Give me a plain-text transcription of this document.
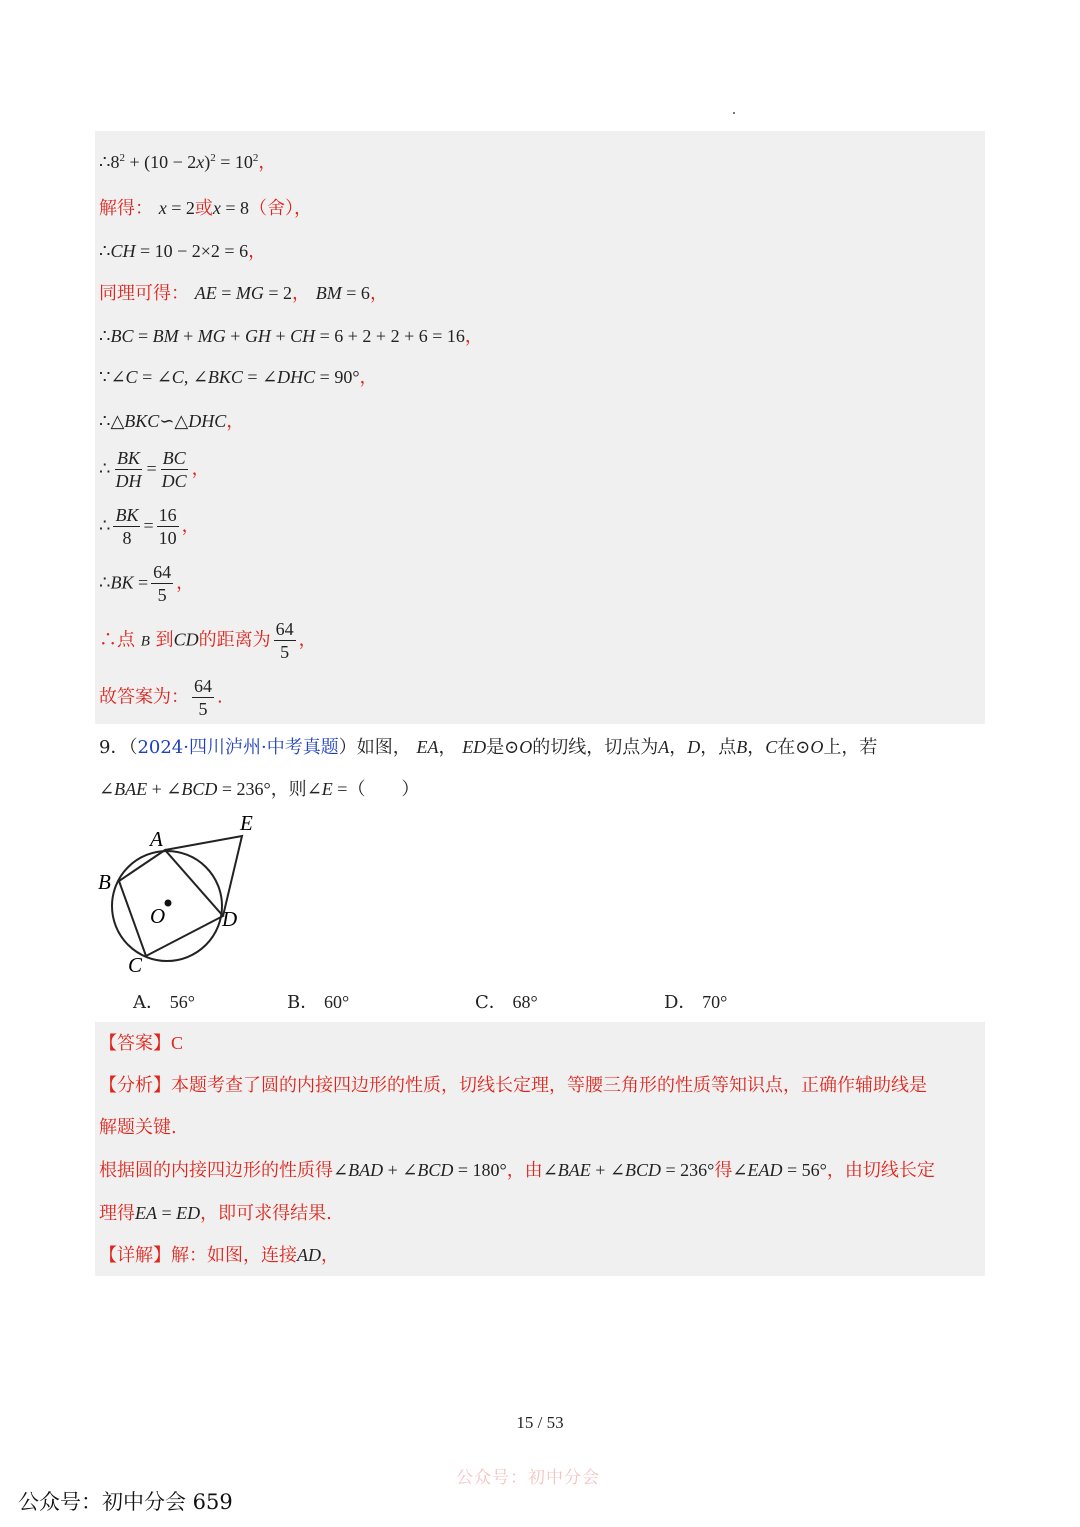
$\therefore 8^2 + (10 - 2x)^2 = 10^2$，
解得： x = 2或x = 8（舍），
∴CH = 10 − 2×2 = 6，
同理可得： AE = MG = 2， BM = 6，
∴BC = BM + MG + GH + CH = 6 + 2 + 2 + 6 = 16，
∵∠C = ∠C, ∠BKC = ∠DHC = 90°，
∴△BKC∽△DHC，
∴ $\frac{BK}{DH} = \frac{BC}{DC}$ ，
∴ $\frac{BK}{8} = \frac{16}{10}$ ，
∴BK = $\frac{64}{5}$ ，
∴点 B 到CD的距离为 $\frac{64}{5}$ ，
故答案为： $\frac{64}{5}$ .
9．（2024·四川泸州·中考真题）如图， EA， ED是⊙O的切线，切点为A，D，点B，C在⊙O上，若
∠BAE + ∠BCD = 236°，则∠E =（　　）
A
B
C
D
E
O
A． 56°	B． 60°	C． 68°	D． 70°
【答案】C
【分析】本题考查了圆的内接四边形的性质，切线长定理，等腰三角形的性质等知识点，正确作辅助线是
解题关键.
根据圆的内接四边形的性质得∠BAD + ∠BCD = 180°，由∠BAE + ∠BCD = 236°得∠EAD = 56°，由切线长定
理得EA = ED，即可求得结果.
【详解】解：如图，连接AD，
15 / 53
公众号：初中分会
公众号：初中分会 659
